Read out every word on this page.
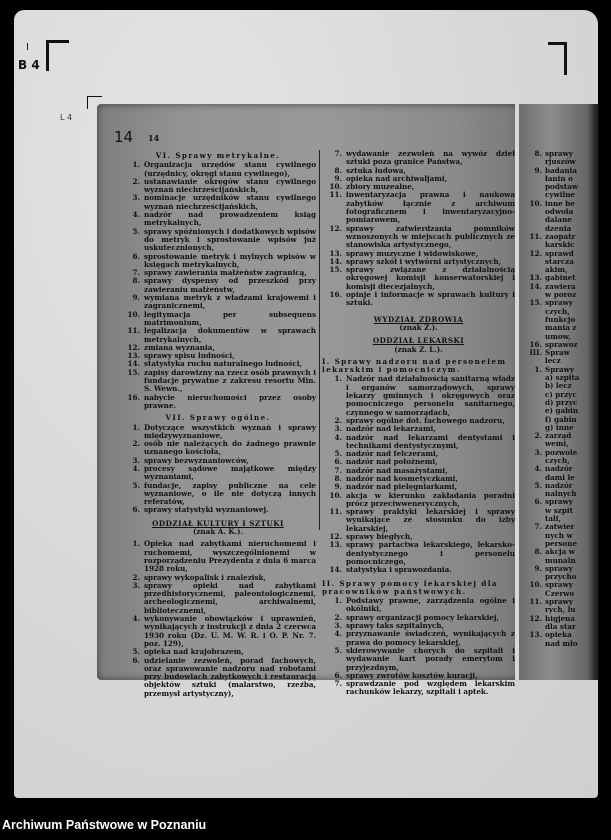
I
B 4
L 4
14 14
VI. Sprawy metrykalne.
1. Organizacja urzędów stanu cywilnego (urzędnicy, okręgi stanu cywilnego),
2. ustanawianie okręgów stanu cywilnego wyznań niechrześcijańskich,
3. nominacje urzędników stanu cywilnego wyznań niechrześcijańskich,
4. nadzór nad prowadzeniem ksiąg metrykalnych,
5. sprawy spóźnionych i dodatkowych wpisów do metryk i sprostowanie wpisów już uskutecznionych,
6. sprostowanie metryk i mylnych wpisów w księgach metrykalnych,
7. sprawy zawierania małżeństw zagranicą,
8. sprawy dyspensy od przeszkód przy zawieraniu małżeństw,
9. wymiana metryk z władzami krajowemi i zagranicznemi,
10. legitymacja per subsequens matrimonium,
11. legalizacja dokumentów w sprawach metrykalnych,
12. zmiana wyznania,
13. sprawy spisu ludności,
14. statystyka ruchu naturalnego ludności,
15. zapisy darowizny na rzecz osób prawnych i fundacje prywatne z zakresu resortu Min. S. Wewn.,
16. nabycie nieruchomości przez osoby prawne.
VII. Sprawy ogólne.
1. Dotyczące wszystkich wyznań i sprawy międzywyznaniowe,
2. osób nie należących do żadnego prawnie uznanego kościoła,
3. sprawy bezwyznaniowców,
4. procesy sądowe majątkowe między wyznaniami,
5. fundacje, zapisy publiczne na cele wyznaniowe, o ile nie dotyczą innych referatów,
6. sprawy statystyki wyznaniowej.
ODDZIAŁ KULTURY I SZTUKI
(znak A. K.).
1. Opieka nad zabytkami nieruchomemi i ruchomemi, wyszczególnionemi w rozporządzeniu Prezydenta z dnia 6 marca 1928 roku,
2. sprawy wykopalisk i znalezisk,
3. sprawy opieki nad zabytkami przedhistorycznemi, paleontologicznemi, archeologicznemi, archiwalnemi, bibliotecznemi,
4. wykonywanie obowiązków i uprawnień, wynikających z instrukcji z dnia 2 czerwca 1930 roku (Dz. U. M. W. R. i O. P. Nr. 7. poz. 129),
5. opieka nad krajobrazem,
6. udzielanie zezwoleń, porad fachowych, oraz sprawowanie nadzoru nad robotami przy budowlach zabytkowych i restauracją objektów sztuki (malarstwo, rzeźba, przemysł artystyczny),
7. wydawanie zezwoleń na wywóz dzieł sztuki poza granice Państwa,
8. sztuka ludowa,
9. opieka nad archiwaljami,
10. zbiory muzealne,
11. inwentaryzacja prawna i naukowa zabytków łącznie z archiwum fotograficznem i inwentaryzacyjno-pomiarowem,
12. sprawy zatwierdzania pomników wznoszonych w miejscach publicznych ze stanowiska artystycznego,
13. sprawy muzyczne i widowiskowe,
14. sprawy szkół i wytwórni artystycznych,
15. sprawy związane z działalnością okręgowej komisji konserwatorskiej i komisji diecezjalnych,
16. opinje i informacje w sprawach kultury i sztuki.
WYDZIAŁ ZDROWIA
(znak Z.).
ODDZIAŁ LEKARSKI
(znak Z. L.).
I. Sprawy nadzoru nad personelem lekarskim i pomocniczym.
1. Nadzór nad działalnością sanitarną władz i organów samorządowych, sprawy lekarzy gminnych i okręgowych oraz pomocniczego personelu sanitarnego, czynnego w samorządach,
2. sprawy ogólne dot. fachowego nadzoru,
3. nadzór nad lekarzami,
4. nadzór nad lekarzami dentystami i technikami dentystycznymi,
5. nadzór nad felczerami,
6. nadzór nad położnemi,
7. nadzór nad masażystami,
8. nadzór nad kosmetyczkami,
9. nadzór nad pielęgniarkami,
10. akcja w kierunku zakładania poradni prócz przeciwwenerycznych,
11. sprawy praktyki lekarskiej i sprawy wynikające ze stosunku do izby lekarskiej,
12. sprawy biegłych,
13. sprawy partactwa lekarskiego, lekarsko-dentystycznego i personelu pomocniczego,
14. statystyka i sprawozdania.
II. Sprawy pomocy lekarskiej dla pracowników państwowych.
1. Podstawy prawne, zarządzenia ogólne i okólniki,
2. sprawy organizacji pomocy lekarskiej,
3. sprawy taks szpitalnych,
4. przyznawanie świadczeń, wynikających z prawa do pomocy lekarskiej,
5. skierowywanie chorych do szpitali i wydawanie kart porady emerytom i przyjezdnym,
6. sprawy zwrotów kosztów kuracji,
7. sprawdzanie pod względem lekarskim rachunków lekarzy, szpitali i aptek.
8. sprawy
rjuszów
9. badania
łanin o
podstaw
cywilne
10. inne be
odwoła
dalane
dzenia
11. zaopatr
karskic
12. sprawd
starcza
akim,
13. gabinet
14. zawiera
w poroz
15. sprawy
czych,
funkcjo
mania z
umow,
16. sprawoz
III. Spraw
lecz
1. Sprawy
a) szpita
b) lecz
c) przyc
d) przyc
e) gabin
f) gabin
g) inne
2. zarząd
wemi,
3. pozwole
czych,
4. nadzór
dami le
5. nadzór
nalnych
6. sprawy
w szpit
tali,
7. zatwier
nych w
persone
8. akcja w
munaln
9. sprawy
przycho
10. sprawy
Czerwo
11. sprawy
rych, lu
12. higjena
dla star
13. opieka
nad mło
Archiwum Państwowe w Poznaniu
